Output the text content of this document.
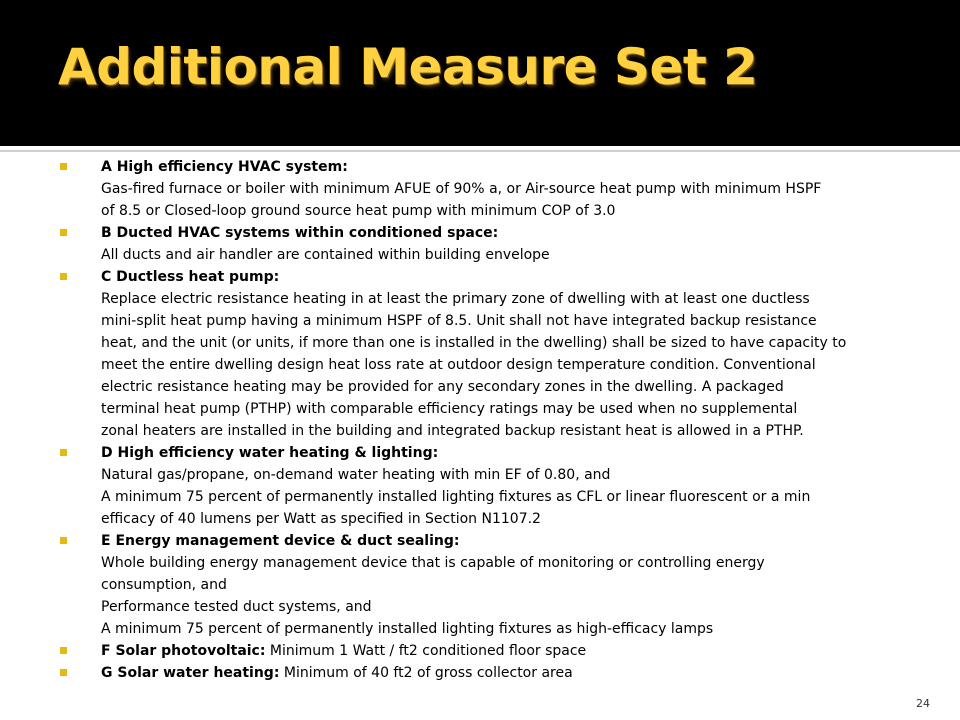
Additional Measure Set 2
A High efficiency HVAC system:
Gas-fired furnace or boiler with minimum AFUE of 90% a, or Air-source heat pump with minimum HSPF
of 8.5 or Closed-loop ground source heat pump with minimum COP of 3.0
B Ducted HVAC systems within conditioned space:
All ducts and air handler are contained within building envelope
C Ductless heat pump:
Replace electric resistance heating in at least the primary zone of dwelling with at least one ductless
mini-split heat pump having a minimum HSPF of 8.5. Unit shall not have integrated backup resistance
heat, and the unit (or units, if more than one is installed in the dwelling) shall be sized to have capacity to
meet the entire dwelling design heat loss rate at outdoor design temperature condition. Conventional
electric resistance heating may be provided for any secondary zones in the dwelling. A packaged
terminal heat pump (PTHP) with comparable efficiency ratings may be used when no supplemental
zonal heaters are installed in the building and integrated backup resistant heat is allowed in a PTHP.
D High efficiency water heating & lighting:
Natural gas/propane, on-demand water heating with min EF of 0.80, and
A minimum 75 percent of permanently installed lighting fixtures as CFL or linear fluorescent or a min
efficacy of 40 lumens per Watt as specified in Section N1107.2
E Energy management device & duct sealing:
Whole building energy management device that is capable of monitoring or controlling energy
consumption, and
Performance tested duct systems, and
A minimum 75 percent of permanently installed lighting fixtures as high-efficacy lamps
F Solar photovoltaic: Minimum 1 Watt / ft2 conditioned floor space
G Solar water heating: Minimum of 40 ft2 of gross collector area
24
